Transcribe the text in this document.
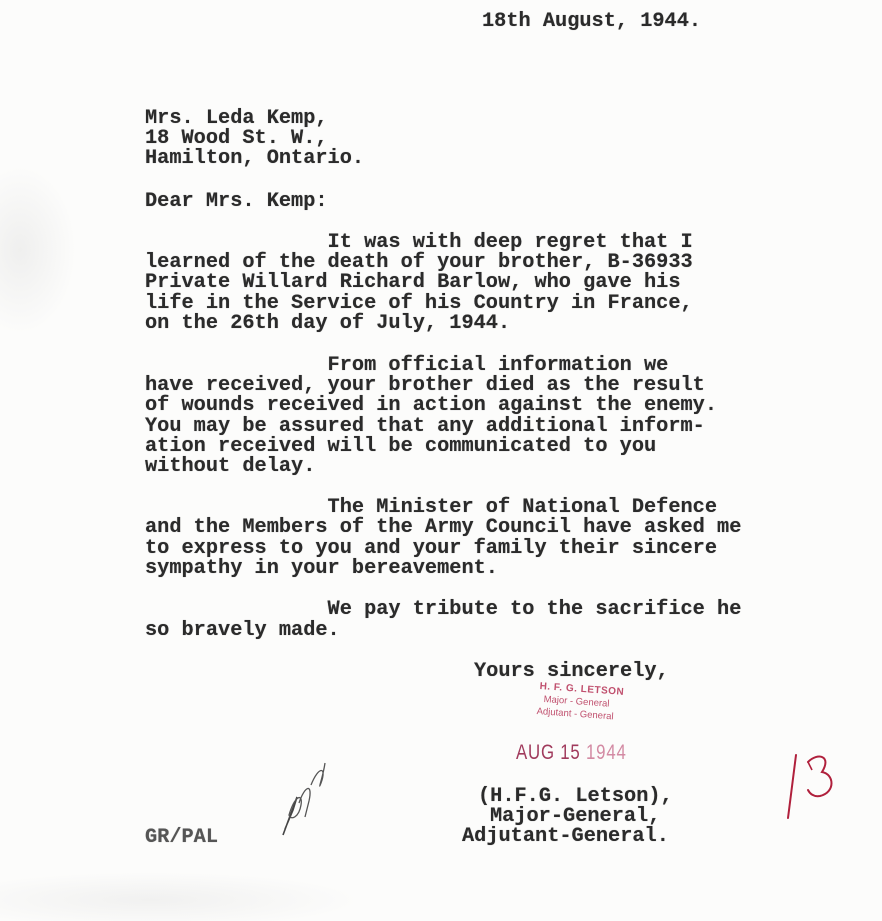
18th August, 1944.
Mrs. Leda Kemp,
18 Wood St. W.,
Hamilton, Ontario.
Dear Mrs. Kemp:
It was with deep regret that I
learned of the death of your brother, B-36933
Private Willard Richard Barlow, who gave his
life in the Service of his Country in France,
on the 26th day of July, 1944.
From official information we
have received, your brother died as the result
of wounds received in action against the enemy.
You may be assured that any additional inform-
ation received will be communicated to you
without delay.
The Minister of National Defence
and the Members of the Army Council have asked me
to express to you and your family their sincere
sympathy in your bereavement.
We pay tribute to the sacrifice he
so bravely made.
Yours sincerely,
H. F. G. LETSON
Major - General
Adjutant - General
AUG 15 1944
(H.F.G. Letson),
Major-General,
Adjutant-General.
GR/PAL
